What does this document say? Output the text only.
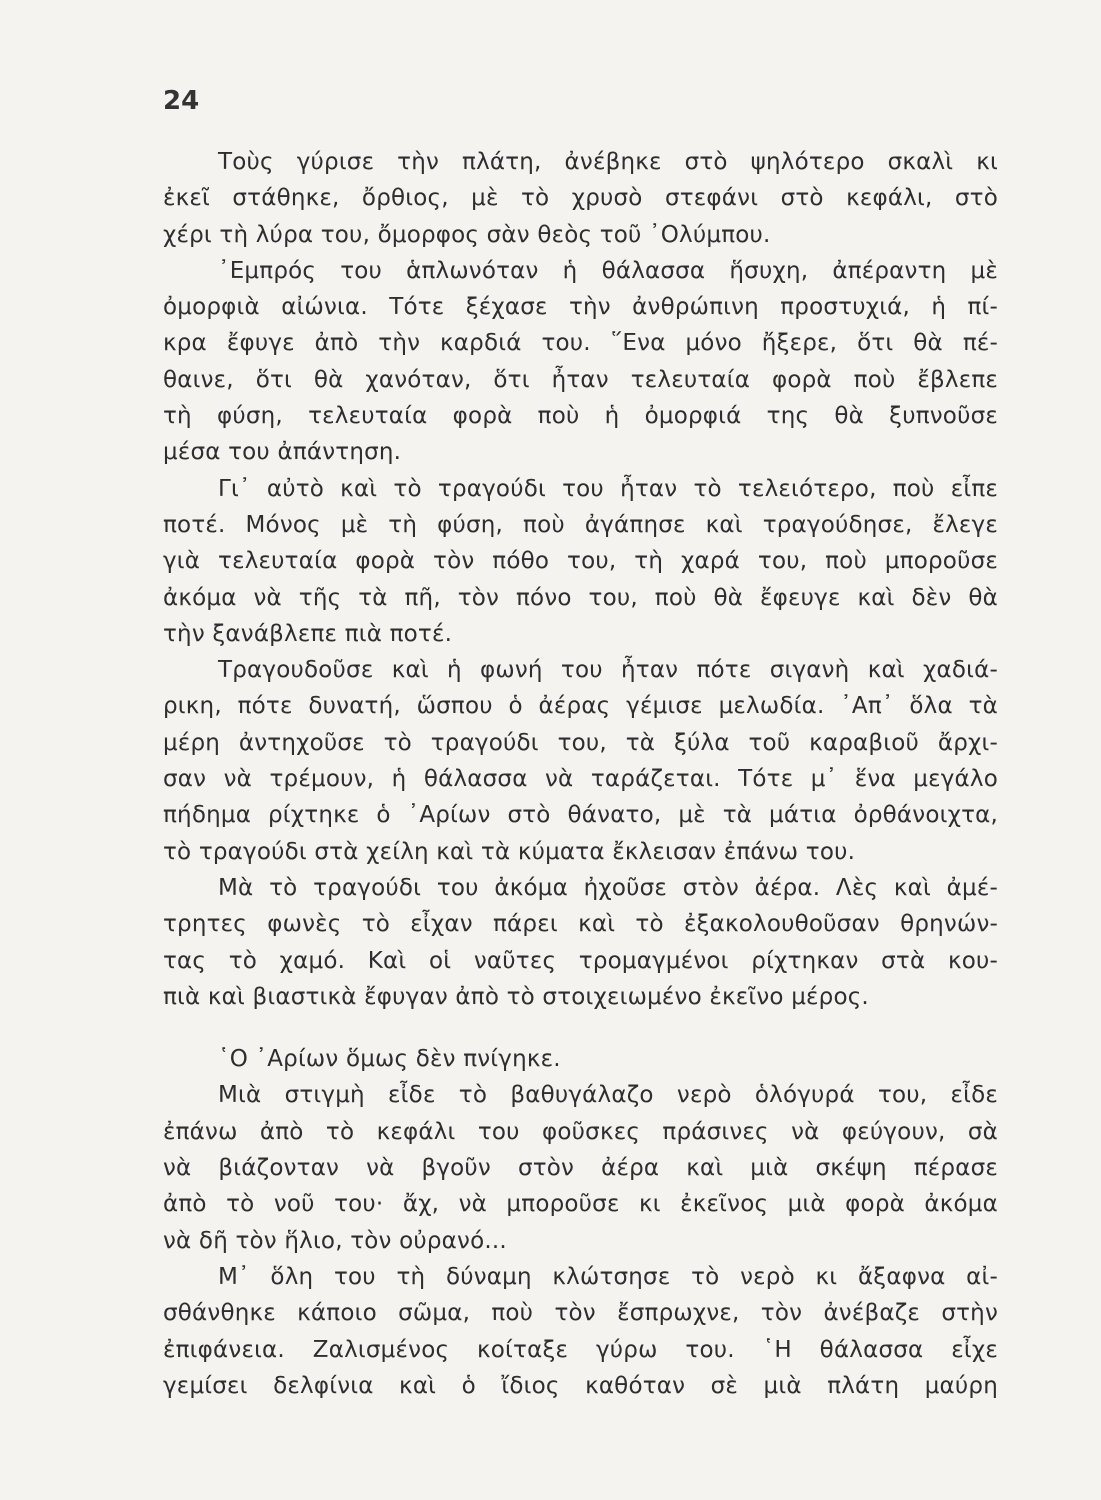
24
Τοὺς γύρισε τὴν πλάτη, ἀνέβηκε στὸ ψηλότερο σκαλὶ κι
ἐκεῖ στάθηκε, ὄρθιος, μὲ τὸ χρυσὸ στεφάνι στὸ κεφάλι, στὸ
χέρι τὴ λύρα του, ὄμορφος σὰν θεὸς τοῦ ᾿Ολύμπου.
᾿Εμπρός του ἁπλωνόταν ἡ θάλασσα ἥσυχη, ἀπέραντη μὲ
ὀμορφιὰ αἰώνια. Τότε ξέχασε τὴν ἀνθρώπινη προστυχιά, ἡ πί-
κρα ἔφυγε ἀπὸ τὴν καρδιά του. ῞Ενα μόνο ἤξερε, ὅτι θὰ πέ-
θαινε, ὅτι θὰ χανόταν, ὅτι ἦταν τελευταία φορὰ ποὺ ἔβλεπε
τὴ φύση, τελευταία φορὰ ποὺ ἡ ὀμορφιά της θὰ ξυπνοῦσε
μέσα του ἀπάντηση.
Γι᾿ αὐτὸ καὶ τὸ τραγούδι του ἦταν τὸ τελειότερο, ποὺ εἶπε
ποτέ. Μόνος μὲ τὴ φύση, ποὺ ἀγάπησε καὶ τραγούδησε, ἔλεγε
γιὰ τελευταία φορὰ τὸν πόθο του, τὴ χαρά του, ποὺ μποροῦσε
ἀκόμα νὰ τῆς τὰ πῆ, τὸν πόνο του, ποὺ θὰ ἔφευγε καὶ δὲν θὰ
τὴν ξανάβλεπε πιὰ ποτέ.
Τραγουδοῦσε καὶ ἡ φωνή του ἦταν πότε σιγανὴ καὶ χαδιά-
ρικη, πότε δυνατή, ὥσπου ὁ ἀέρας γέμισε μελωδία. ᾿Απ᾿ ὅλα τὰ
μέρη ἀντηχοῦσε τὸ τραγούδι του, τὰ ξύλα τοῦ καραβιοῦ ἄρχι-
σαν νὰ τρέμουν, ἡ θάλασσα νὰ ταράζεται. Τότε μ᾿ ἕνα μεγάλο
πήδημα ρίχτηκε ὁ ᾿Αρίων στὸ θάνατο, μὲ τὰ μάτια ὀρθάνοιχτα,
τὸ τραγούδι στὰ χείλη καὶ τὰ κύματα ἔκλεισαν ἐπάνω του.
Μὰ τὸ τραγούδι του ἀκόμα ἠχοῦσε στὸν ἀέρα. Λὲς καὶ ἀμέ-
τρητες φωνὲς τὸ εἶχαν πάρει καὶ τὸ ἐξακολουθοῦσαν θρηνών-
τας τὸ χαμό. Καὶ οἱ ναῦτες τρομαγμένοι ρίχτηκαν στὰ κου-
πιὰ καὶ βιαστικὰ ἔφυγαν ἀπὸ τὸ στοιχειωμένο ἐκεῖνο μέρος.
῾Ο ᾿Αρίων ὅμως δὲν πνίγηκε.
Μιὰ στιγμὴ εἶδε τὸ βαθυγάλαζο νερὸ ὁλόγυρά του, εἶδε
ἐπάνω ἀπὸ τὸ κεφάλι του φοῦσκες πράσινες νὰ φεύγουν, σὰ
νὰ βιάζονταν νὰ βγοῦν στὸν ἀέρα καὶ μιὰ σκέψη πέρασε
ἀπὸ τὸ νοῦ του· ἄχ, νὰ μποροῦσε κι ἐκεῖνος μιὰ φορὰ ἀκόμα
νὰ δῆ τὸν ἥλιο, τὸν οὐρανό...
Μ᾿ ὅλη του τὴ δύναμη κλώτσησε τὸ νερὸ κι ἄξαφνα αἰ-
σθάνθηκε κάποιο σῶμα, ποὺ τὸν ἔσπρωχνε, τὸν ἀνέβαζε στὴν
ἐπιφάνεια. Ζαλισμένος κοίταξε γύρω του. ῾Η θάλασσα εἶχε
γεμίσει δελφίνια καὶ ὁ ἴδιος καθόταν σὲ μιὰ πλάτη μαύρη
